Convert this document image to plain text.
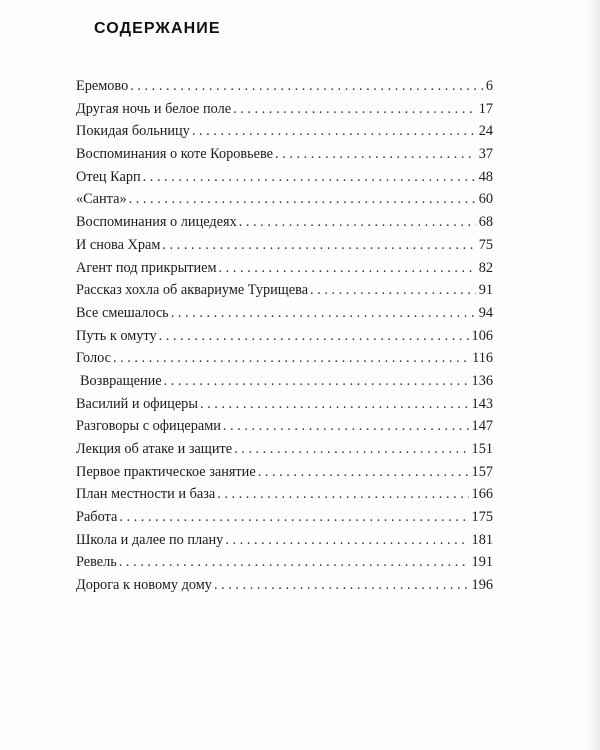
СОДЕРЖАНИЕ
Еремово . . .	6
Другая ночь и белое поле . . .	17
Покидая больницу . . .	24
Воспоминания о коте Коровьеве . . .	37
Отец Карп . . .	48
«Санта» . . .	60
Воспоминания о лицедеях . . .	68
И снова Храм . . .	75
Агент под прикрытием . . .	82
Рассказ хохла об аквариуме Турищева . . .	91
Все смешалось . . .	94
Путь к омуту . . .	106
Голос . . .	116
Возвращение . . .	136
Василий и офицеры . . .	143
Разговоры с офицерами . . .	147
Лекция об атаке и защите . . .	151
Первое практическое занятие . . .	157
План местности и база . . .	166
Работа . . .	175
Школа и далее по плану . . .	181
Ревель . . .	191
Дорога к новому дому . . .	196
